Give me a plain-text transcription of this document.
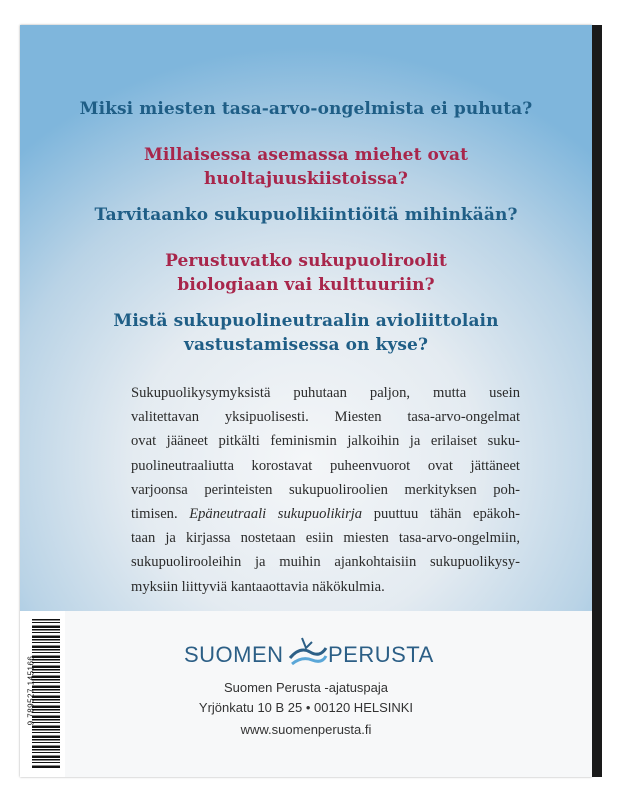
Miksi miesten tasa-arvo-ongelmista ei puhuta?
Millaisessa asemassa miehet ovat
huoltajuuskiistoissa?
Tarvitaanko sukupuolikiintiöitä mihinkään?
Perustuvatko sukupuoliroolit
biologiaan vai kulttuuriin?
Mistä sukupuolineutraalin avioliittolain
vastustamisessa on kyse?
Sukupuolikysymyksistä puhutaan paljon, mutta usein
valitettavan yksipuolisesti. Miesten tasa-arvo-ongelmat
ovat jääneet pitkälti feminismin jalkoihin ja erilaiset suku-
puolineutraaliutta korostavat puheenvuorot ovat jättäneet
varjoonsa perinteisten sukupuoliroolien merkityksen poh-
timisen. Epäneutraali sukupuolikirja puuttuu tähän epäkoh-
taan ja kirjassa nostetaan esiin miesten tasa-arvo-ongelmiin,
sukupuolirooleihin ja muihin ajankohtaisiin sukupuolikysy-
myksiin liittyviä kantaaottavia näkökulmia.
9 789527 145166
SUOMEN PERUSTA
Suomen Perusta -ajatuspaja
Yrjönkatu 10 B 25 • 00120 HELSINKI
www.suomenperusta.fi
